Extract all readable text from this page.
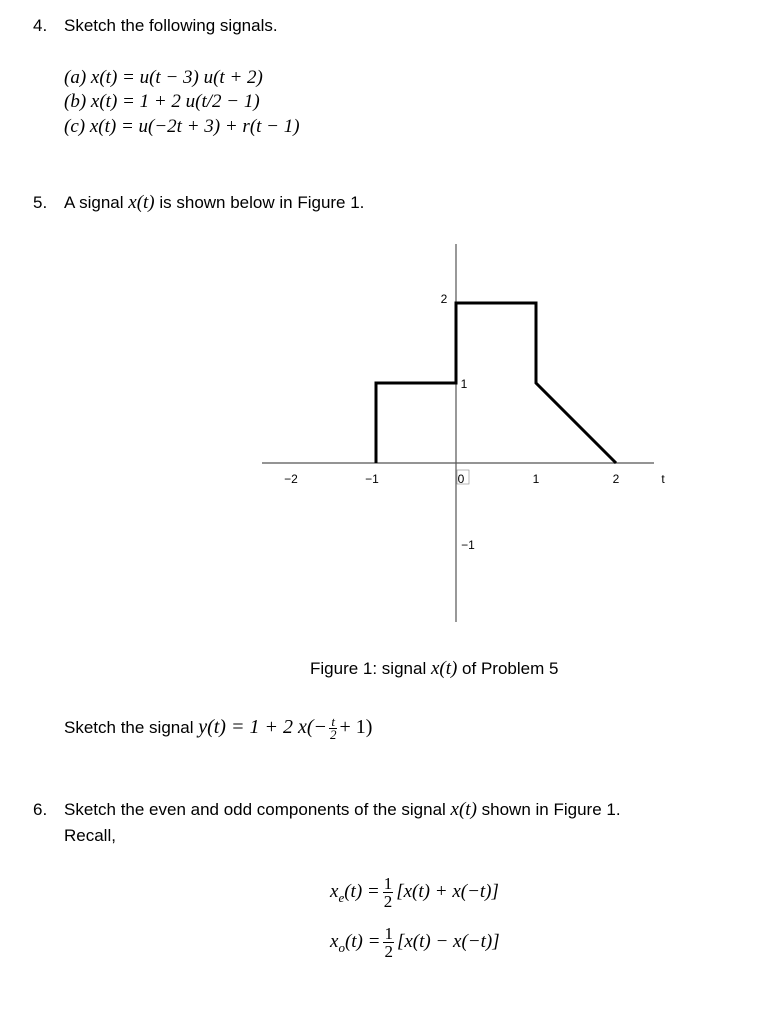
4. Sketch the following signals.
(a) x(t) = u(t − 3) u(t + 2)
(b) x(t) = 1 + 2 u(t/2 − 1)
(c) x(t) = u(−2t + 3) + r(t − 1)
5. A signal x(t) is shown below in Figure 1.
−2	−1	0	1	2	t
2
1
−1
Figure 1: signal x(t) of Problem 5
Sketch the signal y(t) = 1 + 2 $x(- \frac{t}{2} + 1)$
6. Sketch the even and odd components of the signal x(t) shown in Figure 1.
Recall,
$x_e(t) = \frac{1}{2} [x(t) + x(-t)]$
$x_o(t) = \frac{1}{2} [x(t) - x(-t)]$
